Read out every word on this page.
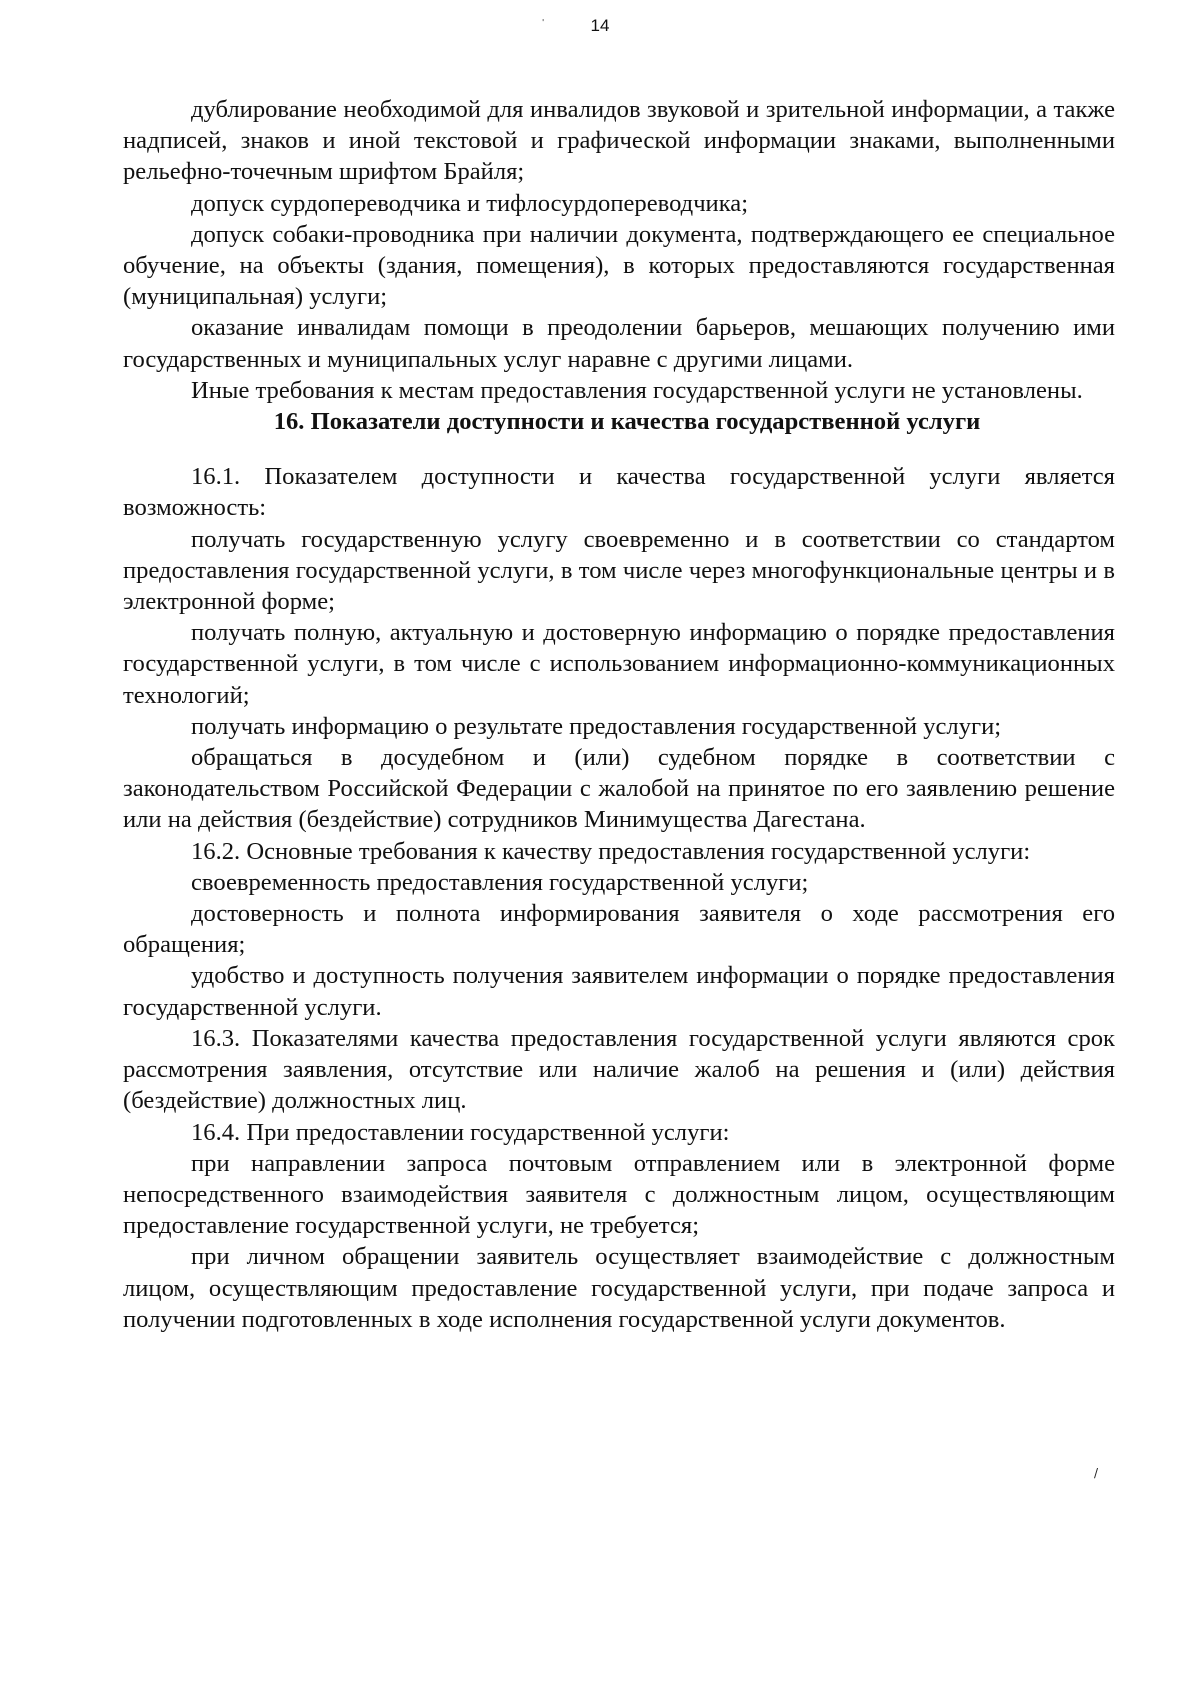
14
'
/

дублирование необходимой для инвалидов звуковой и зрительной информации, а также надписей, знаков и иной текстовой и графической информации знаками, выполненными рельефно-точечным шрифтом Брайля;

допуск сурдопереводчика и тифлосурдопереводчика;

допуск собаки-проводника при наличии документа, подтверждающего ее специальное обучение, на объекты (здания, помещения), в которых предоставляются государственная (муниципальная) услуги;

оказание инвалидам помощи в преодолении барьеров, мешающих получению ими государственных и муниципальных услуг наравне с другими лицами.

Иные требования к местам предоставления государственной услуги не установлены.

16. Показатели доступности и качества государственной услуги

16.1. Показателем доступности и качества государственной услуги является возможность:

получать государственную услугу своевременно и в соответствии со стандартом предоставления государственной услуги, в том числе через многофункциональные центры и в электронной форме;

получать полную, актуальную и достоверную информацию о порядке предоставления государственной услуги, в том числе с использованием информационно-коммуникационных технологий;

получать информацию о результате предоставления государственной услуги;

обращаться в досудебном и (или) судебном порядке в соответствии с законодательством Российской Федерации с жалобой на принятое по его заявлению решение или на действия (бездействие) сотрудников Минимущества Дагестана.

16.2. Основные требования к качеству предоставления государственной услуги:

своевременность предоставления государственной услуги;

достоверность и полнота информирования заявителя о ходе рассмотрения его обращения;

удобство и доступность получения заявителем информации о порядке предоставления государственной услуги.

16.3. Показателями качества предоставления государственной услуги являются срок рассмотрения заявления, отсутствие или наличие жалоб на решения и (или) действия (бездействие) должностных лиц.

16.4. При предоставлении государственной услуги:

при направлении запроса почтовым отправлением или в электронной форме непосредственного взаимодействия заявителя с должностным лицом, осуществляющим предоставление государственной услуги, не требуется;

при личном обращении заявитель осуществляет взаимодействие с должностным лицом, осуществляющим предоставление государственной услуги, при подаче запроса и получении подготовленных в ходе исполнения государственной услуги документов.
